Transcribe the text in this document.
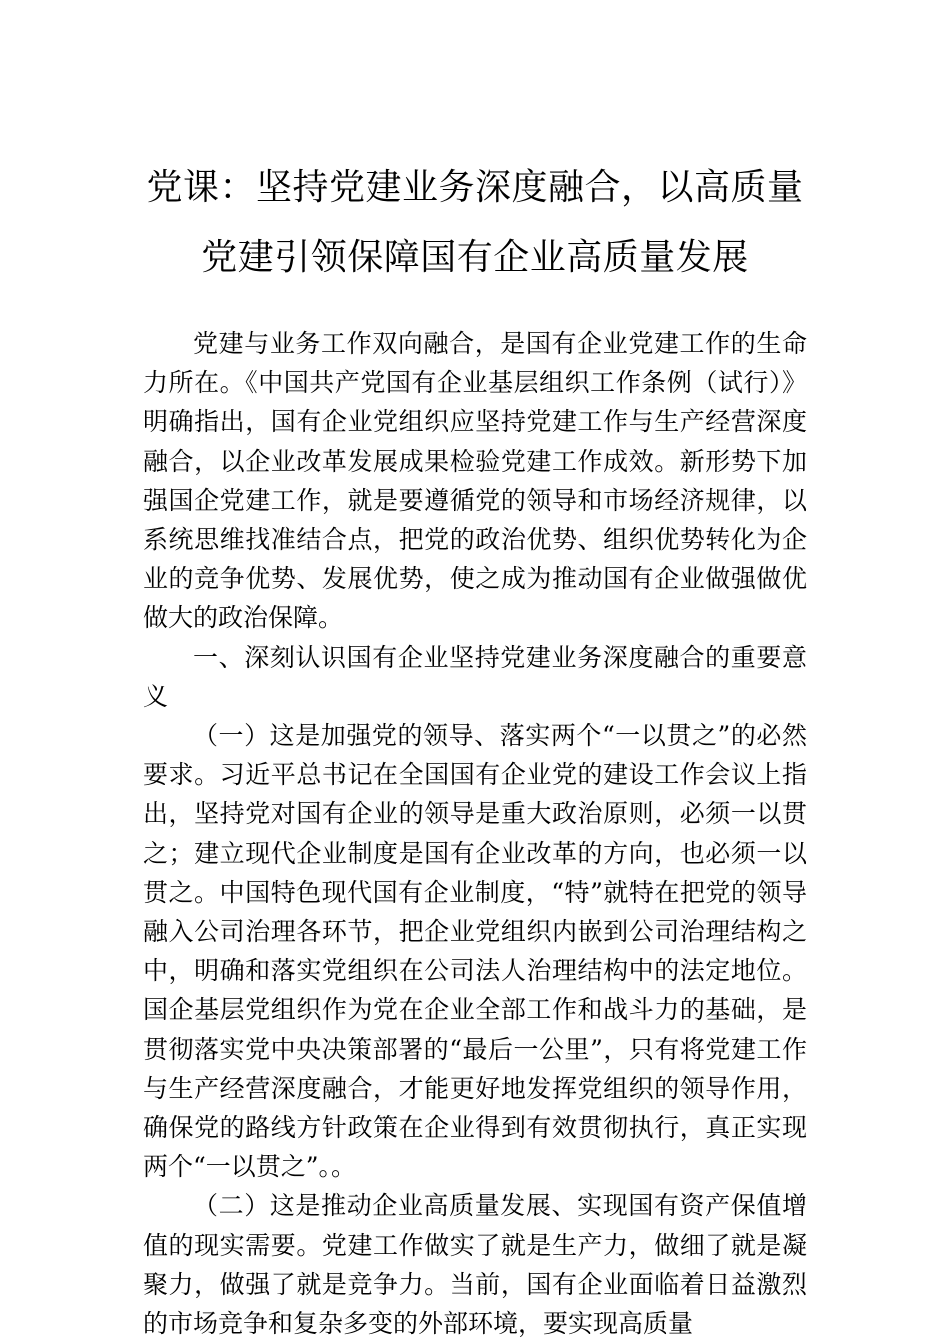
党课：坚持党建业务深度融合，以高质量
党建引领保障国有企业高质量发展

党建与业务工作双向融合，是国有企业党建工作的生命力所在。《中国共产党国有企业基层组织工作条例（试行）》明确指出，国有企业党组织应坚持党建工作与生产经营深度融合，以企业改革发展成果检验党建工作成效。新形势下加强国企党建工作，就是要遵循党的领导和市场经济规律，以系统思维找准结合点，把党的政治优势、组织优势转化为企业的竞争优势、发展优势，使之成为推动国有企业做强做优做大的政治保障。

一、深刻认识国有企业坚持党建业务深度融合的重要意义

（一）这是加强党的领导、落实两个“一以贯之”的必然要求。习近平总书记在全国国有企业党的建设工作会议上指出，坚持党对国有企业的领导是重大政治原则，必须一以贯之；建立现代企业制度是国有企业改革的方向，也必须一以贯之。中国特色现代国有企业制度，“特”就特在把党的领导融入公司治理各环节，把企业党组织内嵌到公司治理结构之中，明确和落实党组织在公司法人治理结构中的法定地位。国企基层党组织作为党在企业全部工作和战斗力的基础，是贯彻落实党中央决策部署的“最后一公里”，只有将党建工作与生产经营深度融合，才能更好地发挥党组织的领导作用，确保党的路线方针政策在企业得到有效贯彻执行，真正实现两个“一以贯之”。。

（二）这是推动企业高质量发展、实现国有资产保值增值的现实需要。党建工作做实了就是生产力，做细了就是凝聚力，做强了就是竞争力。当前，国有企业面临着日益激烈的市场竞争和复杂多变的外部环境，要实现高质量
